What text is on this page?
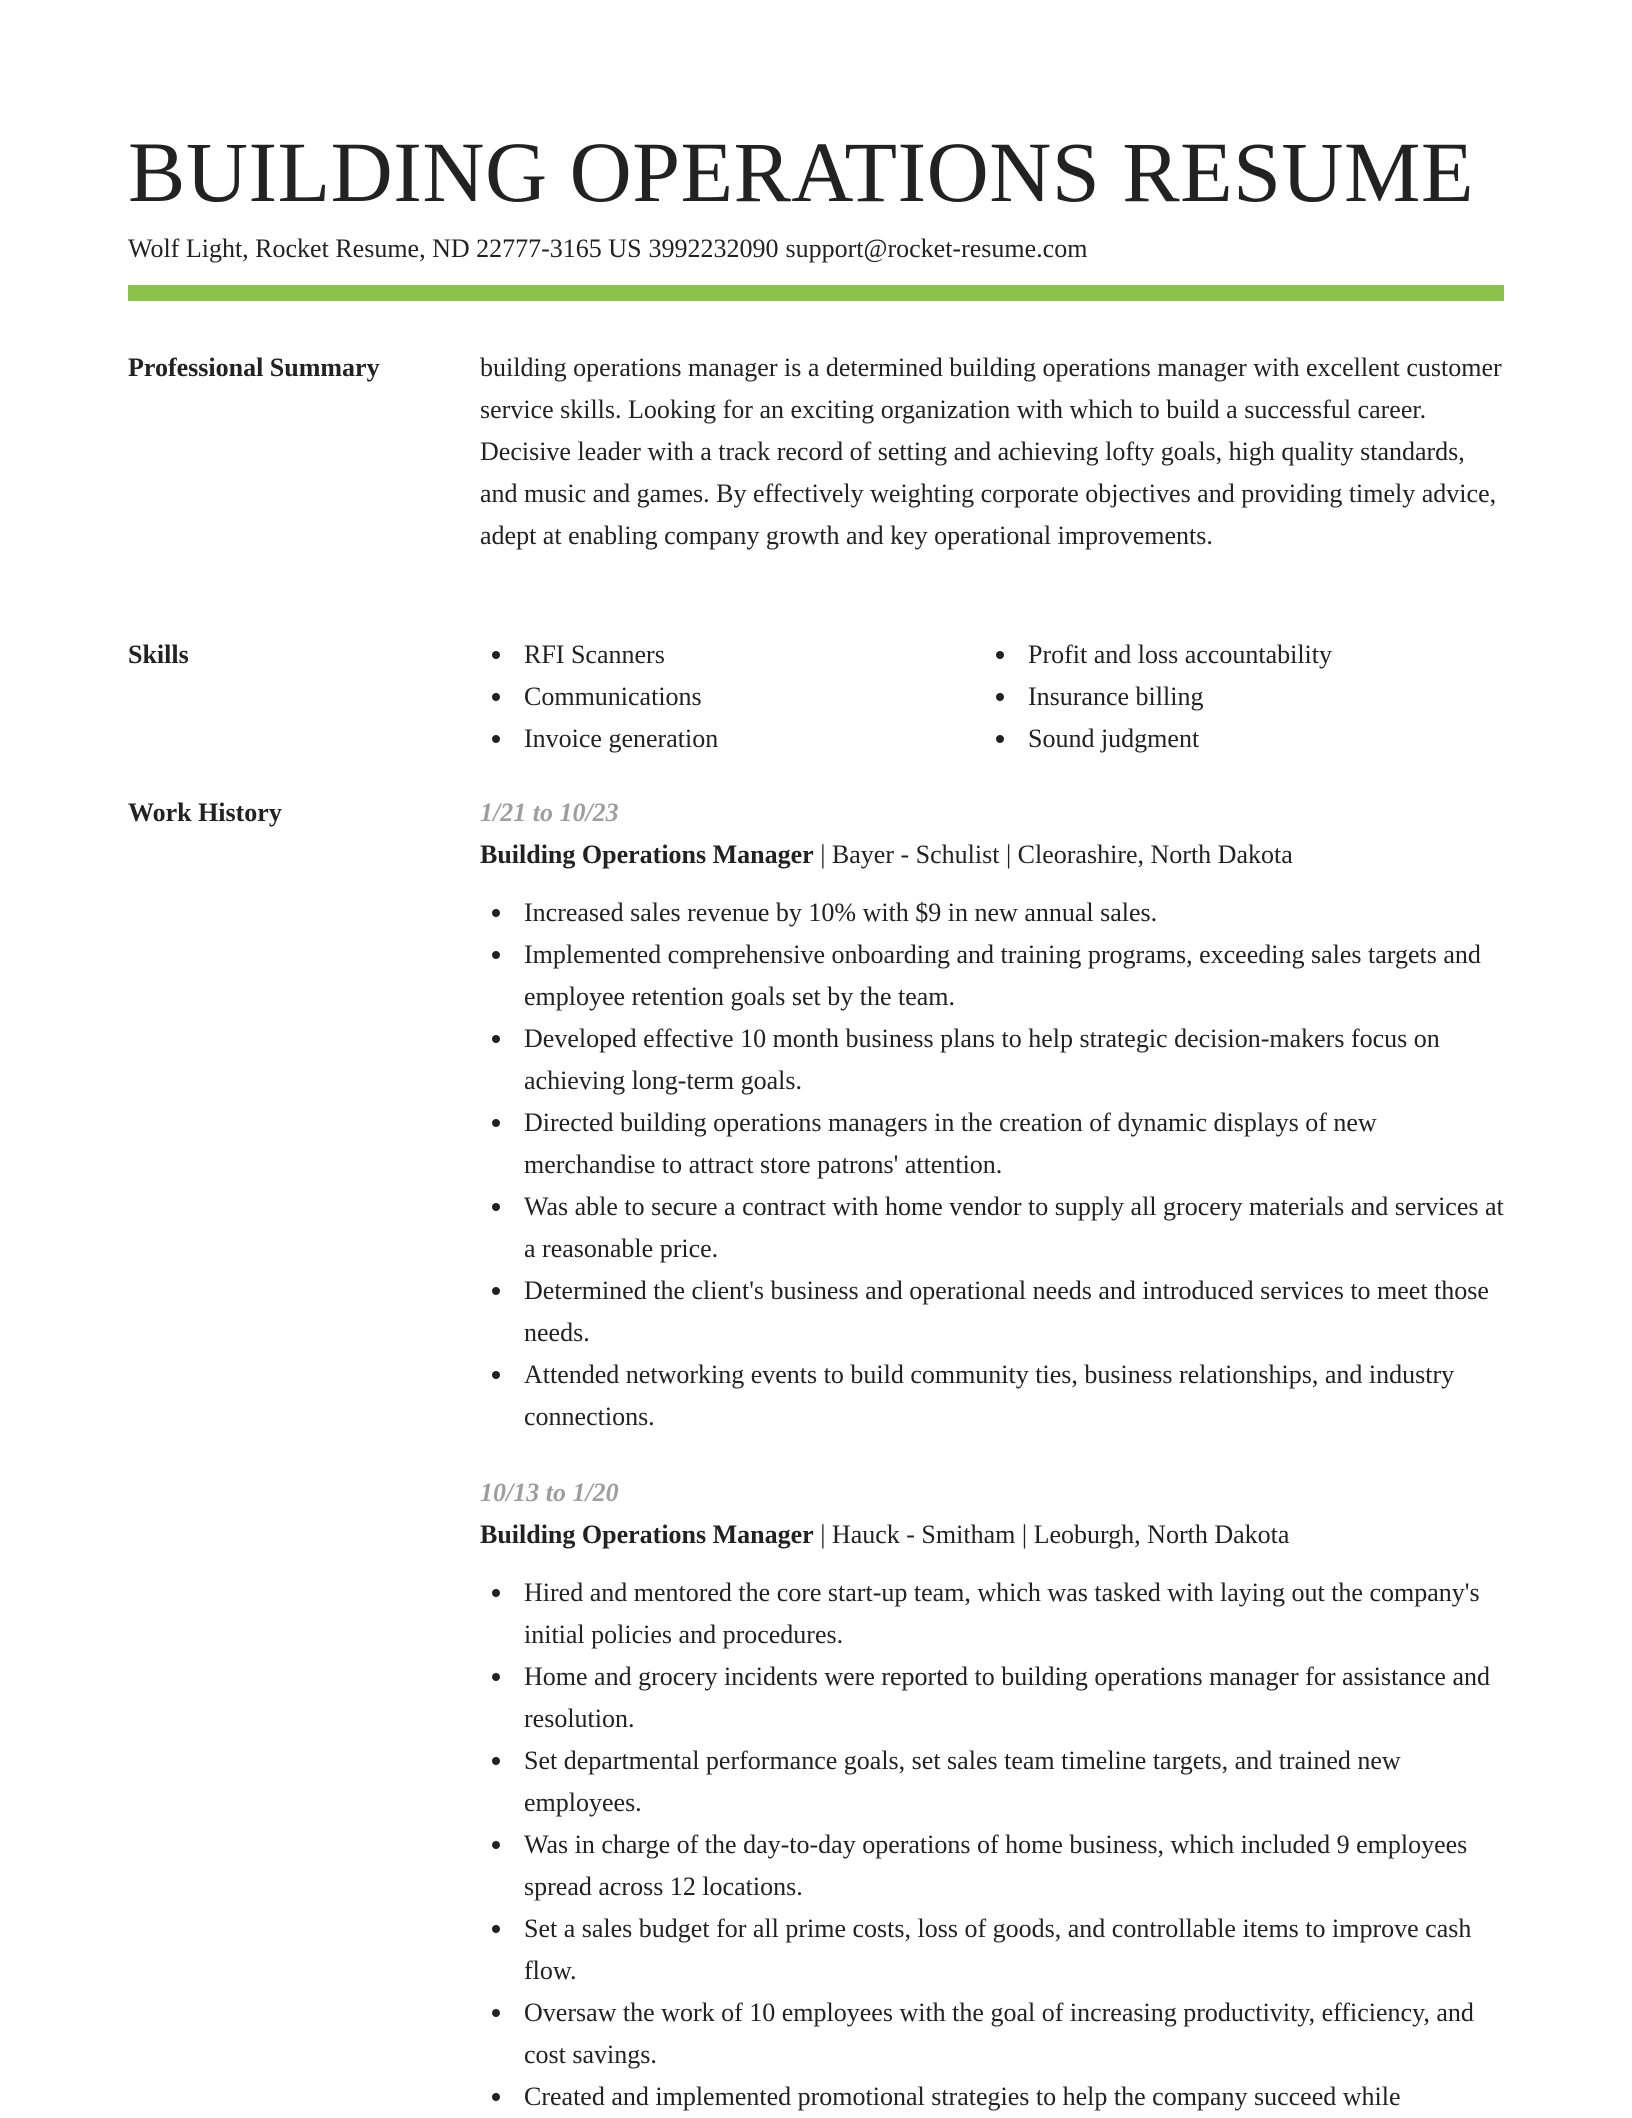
BUILDING OPERATIONS RESUME
Wolf Light, Rocket Resume, ND 22777-3165 US 3992232090 support@rocket-resume.com
Professional Summary	building operations manager is a determined building operations manager with excellent customer service skills. Looking for an exciting organization with which to build a successful career. Decisive leader with a track record of setting and achieving lofty goals, high quality standards, and music and games. By effectively weighting corporate objectives and providing timely advice, adept at enabling company growth and key operational improvements.

Skills	RFI Scanners
Communications
Invoice generation
Profit and loss accountability
Insurance billing
Sound judgment
Work History	1/21 to 10/23
Building Operations Manager | Bayer - Schulist | Cleorashire, North Dakota
Increased sales revenue by 10% with $9 in new annual sales.
Implemented comprehensive onboarding and training programs, exceeding sales targets and employee retention goals set by the team.
Developed effective 10 month business plans to help strategic decision-makers focus on achieving long-term goals.
Directed building operations managers in the creation of dynamic displays of new merchandise to attract store patrons' attention.
Was able to secure a contract with home vendor to supply all grocery materials and services at a reasonable price.
Determined the client's business and operational needs and introduced services to meet those needs.
Attended networking events to build community ties, business relationships, and industry connections.
10/13 to 1/20
Building Operations Manager | Hauck - Smitham | Leoburgh, North Dakota
Hired and mentored the core start-up team, which was tasked with laying out the company's initial policies and procedures.
Home and grocery incidents were reported to building operations manager for assistance and resolution.
Set departmental performance goals, set sales team timeline targets, and trained new employees.
Was in charge of the day-to-day operations of home business, which included 9 employees spread across 12 locations.
Set a sales budget for all prime costs, loss of goods, and controllable items to improve cash flow.
Oversaw the work of 10 employees with the goal of increasing productivity, efficiency, and cost savings.
Created and implemented promotional strategies to help the company succeed while
